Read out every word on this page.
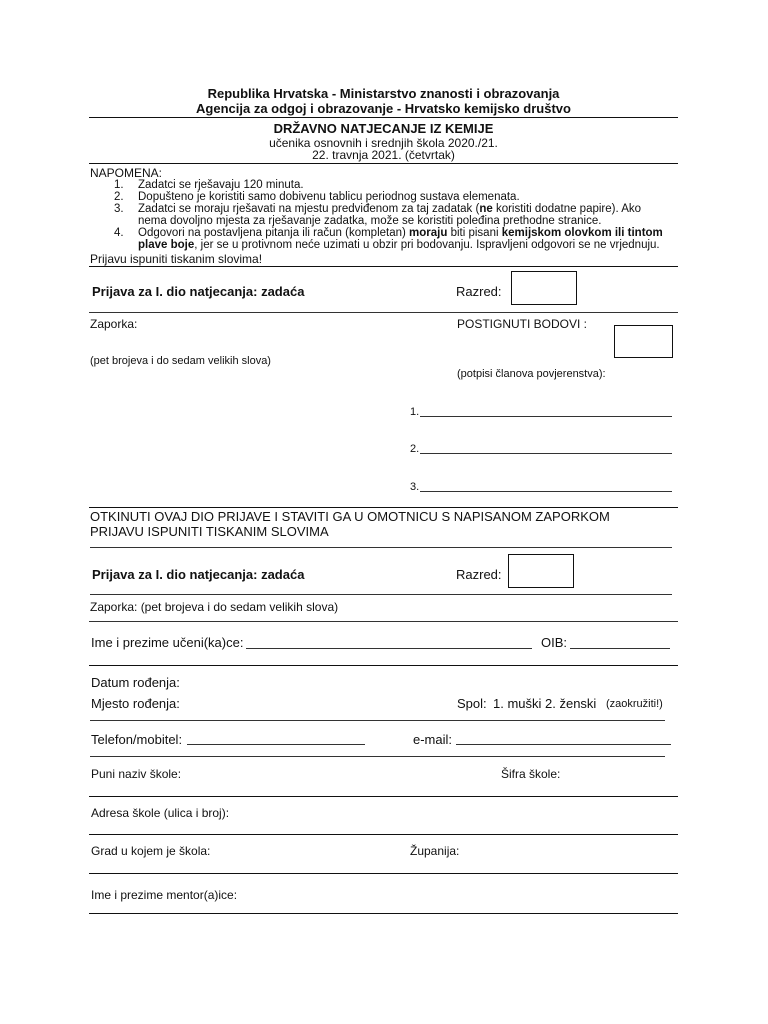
Republika Hrvatska - Ministarstvo znanosti i obrazovanja
Agencija za odgoj i obrazovanje - Hrvatsko kemijsko društvo
DRŽAVNO NATJECANJE IZ KEMIJE
učenika osnovnih i srednjih škola 2020./21.
22. travnja 2021. (četvrtak)
NAPOMENA:
1.	Zadatci se rješavaju 120 minuta.
2.	Dopušteno je koristiti samo dobivenu tablicu periodnog sustava elemenata.
3.	Zadatci se moraju rješavati na mjestu predviđenom za taj zadatak (ne koristiti dodatne papire). Ako
nema dovoljno mjesta za rješavanje zadatka, može se koristiti poleđina prethodne stranice.
4.	Odgovori na postavljena pitanja ili račun (kompletan) moraju biti pisani kemijskom olovkom ili tintom
plave boje, jer se u protivnom neće uzimati u obzir pri bodovanju. Ispravljeni odgovori se ne vrjednuju.
Prijavu ispuniti tiskanim slovima!
Prijava za I. dio natjecanja: zadaća	Razred:
Zaporka:
(pet brojeva i do sedam velikih slova)
POSTIGNUTI BODOVI :
(potpisi članova povjerenstva):
1.
2.
3.
OTKINUTI OVAJ DIO PRIJAVE I STAVITI GA U OMOTNICU S NAPISANOM ZAPORKOM
PRIJAVU ISPUNITI TISKANIM SLOVIMA
Prijava za I. dio natjecanja: zadaća	Razred:
Zaporka: (pet brojeva i do sedam velikih slova)
Ime i prezime učeni(ka)ce:	OIB:
Datum rođenja:
Mjesto rođenja:	Spol: 1. muški 2. ženski (zaokružiti!)
Telefon/mobitel:	e-mail:
Puni naziv škole:	Šifra škole:
Adresa škole (ulica i broj):
Grad u kojem je škola:	Županija:
Ime i prezime mentor(a)ice:
